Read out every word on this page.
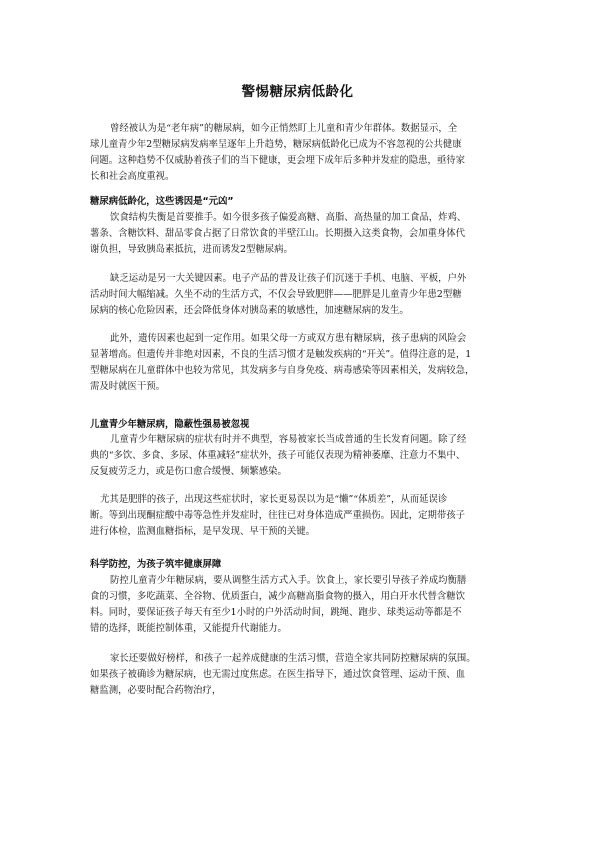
警惕糖尿病低龄化
曾经被认为是“老年病”的糖尿病，如今正悄然盯上儿童和青少年群体。数据显示，全
球儿童青少年2型糖尿病发病率呈逐年上升趋势，糖尿病低龄化已成为不容忽视的公共健康
问题。这种趋势不仅威胁着孩子们的当下健康，更会埋下成年后多种并发症的隐患，亟待家
长和社会高度重视。
糖尿病低龄化，这些诱因是“元凶”
饮食结构失衡是首要推手。如今很多孩子偏爱高糖、高脂、高热量的加工食品，炸鸡、
薯条、含糖饮料、甜品零食占据了日常饮食的半壁江山。长期摄入这类食物，会加重身体代
谢负担，导致胰岛素抵抗，进而诱发2型糖尿病。
缺乏运动是另一大关键因素。电子产品的普及让孩子们沉迷于手机、电脑、平板，户外
活动时间大幅缩减。久坐不动的生活方式，不仅会导致肥胖——肥胖是儿童青少年患2型糖
尿病的核心危险因素，还会降低身体对胰岛素的敏感性，加速糖尿病的发生。
此外，遗传因素也起到一定作用。如果父母一方或双方患有糖尿病，孩子患病的风险会
显著增高。但遗传并非绝对因素，不良的生活习惯才是触发疾病的“开关”。值得注意的是，1
型糖尿病在儿童群体中也较为常见，其发病多与自身免疫、病毒感染等因素相关，发病较急，
需及时就医干预。
儿童青少年糖尿病，隐蔽性强易被忽视
儿童青少年糖尿病的症状有时并不典型，容易被家长当成普通的生长发育问题。除了经
典的“多饮、多食、多尿、体重减轻”症状外，孩子可能仅表现为精神萎靡、注意力不集中、
反复疲劳乏力，或是伤口愈合缓慢、频繁感染。
尤其是肥胖的孩子，出现这些症状时，家长更易误以为是“懒”“体质差”，从而延误诊
断。等到出现酮症酸中毒等急性并发症时，往往已对身体造成严重损伤。因此，定期带孩子
进行体检，监测血糖指标，是早发现、早干预的关键。
科学防控，为孩子筑牢健康屏障
防控儿童青少年糖尿病，要从调整生活方式入手。饮食上，家长要引导孩子养成均衡膳
食的习惯，多吃蔬菜、全谷物、优质蛋白，减少高糖高脂食物的摄入，用白开水代替含糖饮
料。同时，要保证孩子每天有至少1小时的户外活动时间，跳绳、跑步、球类运动等都是不
错的选择，既能控制体重，又能提升代谢能力。
家长还要做好榜样，和孩子一起养成健康的生活习惯，营造全家共同防控糖尿病的氛围。
如果孩子被确诊为糖尿病，也无需过度焦虑。在医生指导下，通过饮食管理、运动干预、血
糖监测，必要时配合药物治疗，
